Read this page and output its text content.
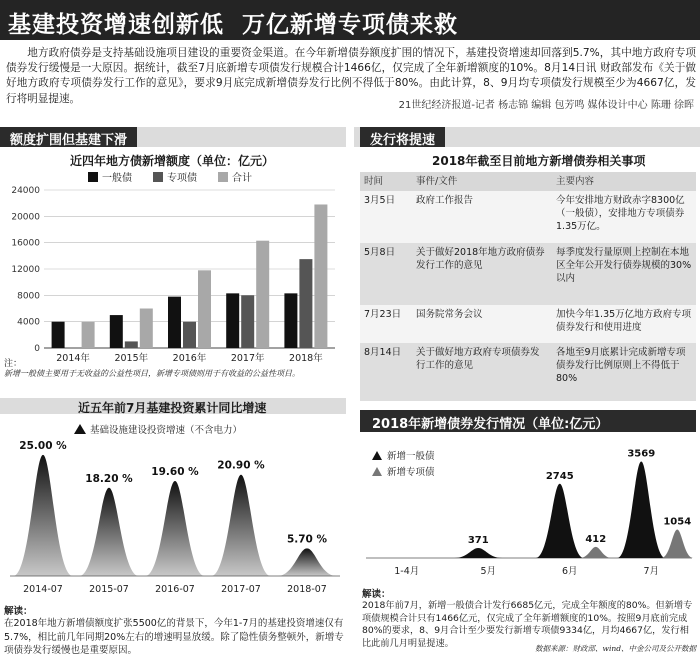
基建投资增速创新低 万亿新增专项债来救
地方政府债券是支持基础设施项目建设的重要资金渠道。在今年新增债券额度扩围的情况下，基建投资增速却回落到5.7%，其中地方政府专项债券发行缓慢是一大原因。据统计，截至7月底新增专项债发行规模合计1466亿，仅完成了全年新增额度的10%。8月14日讯 财政部发布《关于做好地方政府专项债券发行工作的意见》，要求9月底完成新增债券发行比例不得低于80%。由此计算，8、9月均专项债发行规模至少为4667亿，发行将明显提速。
21世纪经济报道-记者 杨志锦 编辑 包芳鸣 媒体设计中心 陈珊 徐晖
额度扩围但基建下滑	发行将提速
近四年地方债新增额度（单位：亿元）
0
4000
8000
12000
16000
20000
24000
2014年	2015年	2016年	2017年	2018年
一般债	专项债	合计
注：
新增一般债主要用于无收益的公益性项目，新增专项债则用于有收益的公益性项目。
近五年前7月基建投资累计同比增速
基础设施建设投资增速（不含电力）
25.00 %
2014-07
18.20 %
2015-07
19.60 %
2016-07
20.90 %
2017-07
5.70 %
2018-07
解读：
在2018年地方新增债额度扩张5500亿的背景下，今年1-7月的基建投资增速仅有5.7%，相比前几年同期20%左右的增速明显放缓。除了隐性债务整顿外，新增专项债券发行缓慢也是重要原因。
2018年截至目前地方新增债券相关事项
时间	事件/文件	主要内容
3月5日	政府工作报告	今年安排地方财政赤字8300亿（一般债），安排地方专项债券1.35万亿。
5月8日	关于做好2018年地方政府债券发行工作的意见	每季度发行量原则上控制在本地区全年公开发行债券规模的30%以内
7月23日	国务院常务会议	加快今年1.35万亿地方政府专项债券发行和使用进度
8月14日	关于做好地方政府专项债券发行工作的意见	各地至9月底累计完成新增专项债券发行比例原则上不得低于80%
2018年新增债券发行情况（单位:亿元）
新增一般债
新增专项债
1-4月
371
5月
2745
412
6月
3569
1054
7月
解读：
2018年前7月，新增一般债合计发行6685亿元，完成全年额度的80%。但新增专项债规模合计只有1466亿元，仅完成了全年新增额度的10%。按照9月底前完成80%的要求，8、9月合计至少要发行新增专项债9334亿，月均4667亿，发行相比此前几月明显提速。	数据来源：财政部、wind、中金公司及公开数据
